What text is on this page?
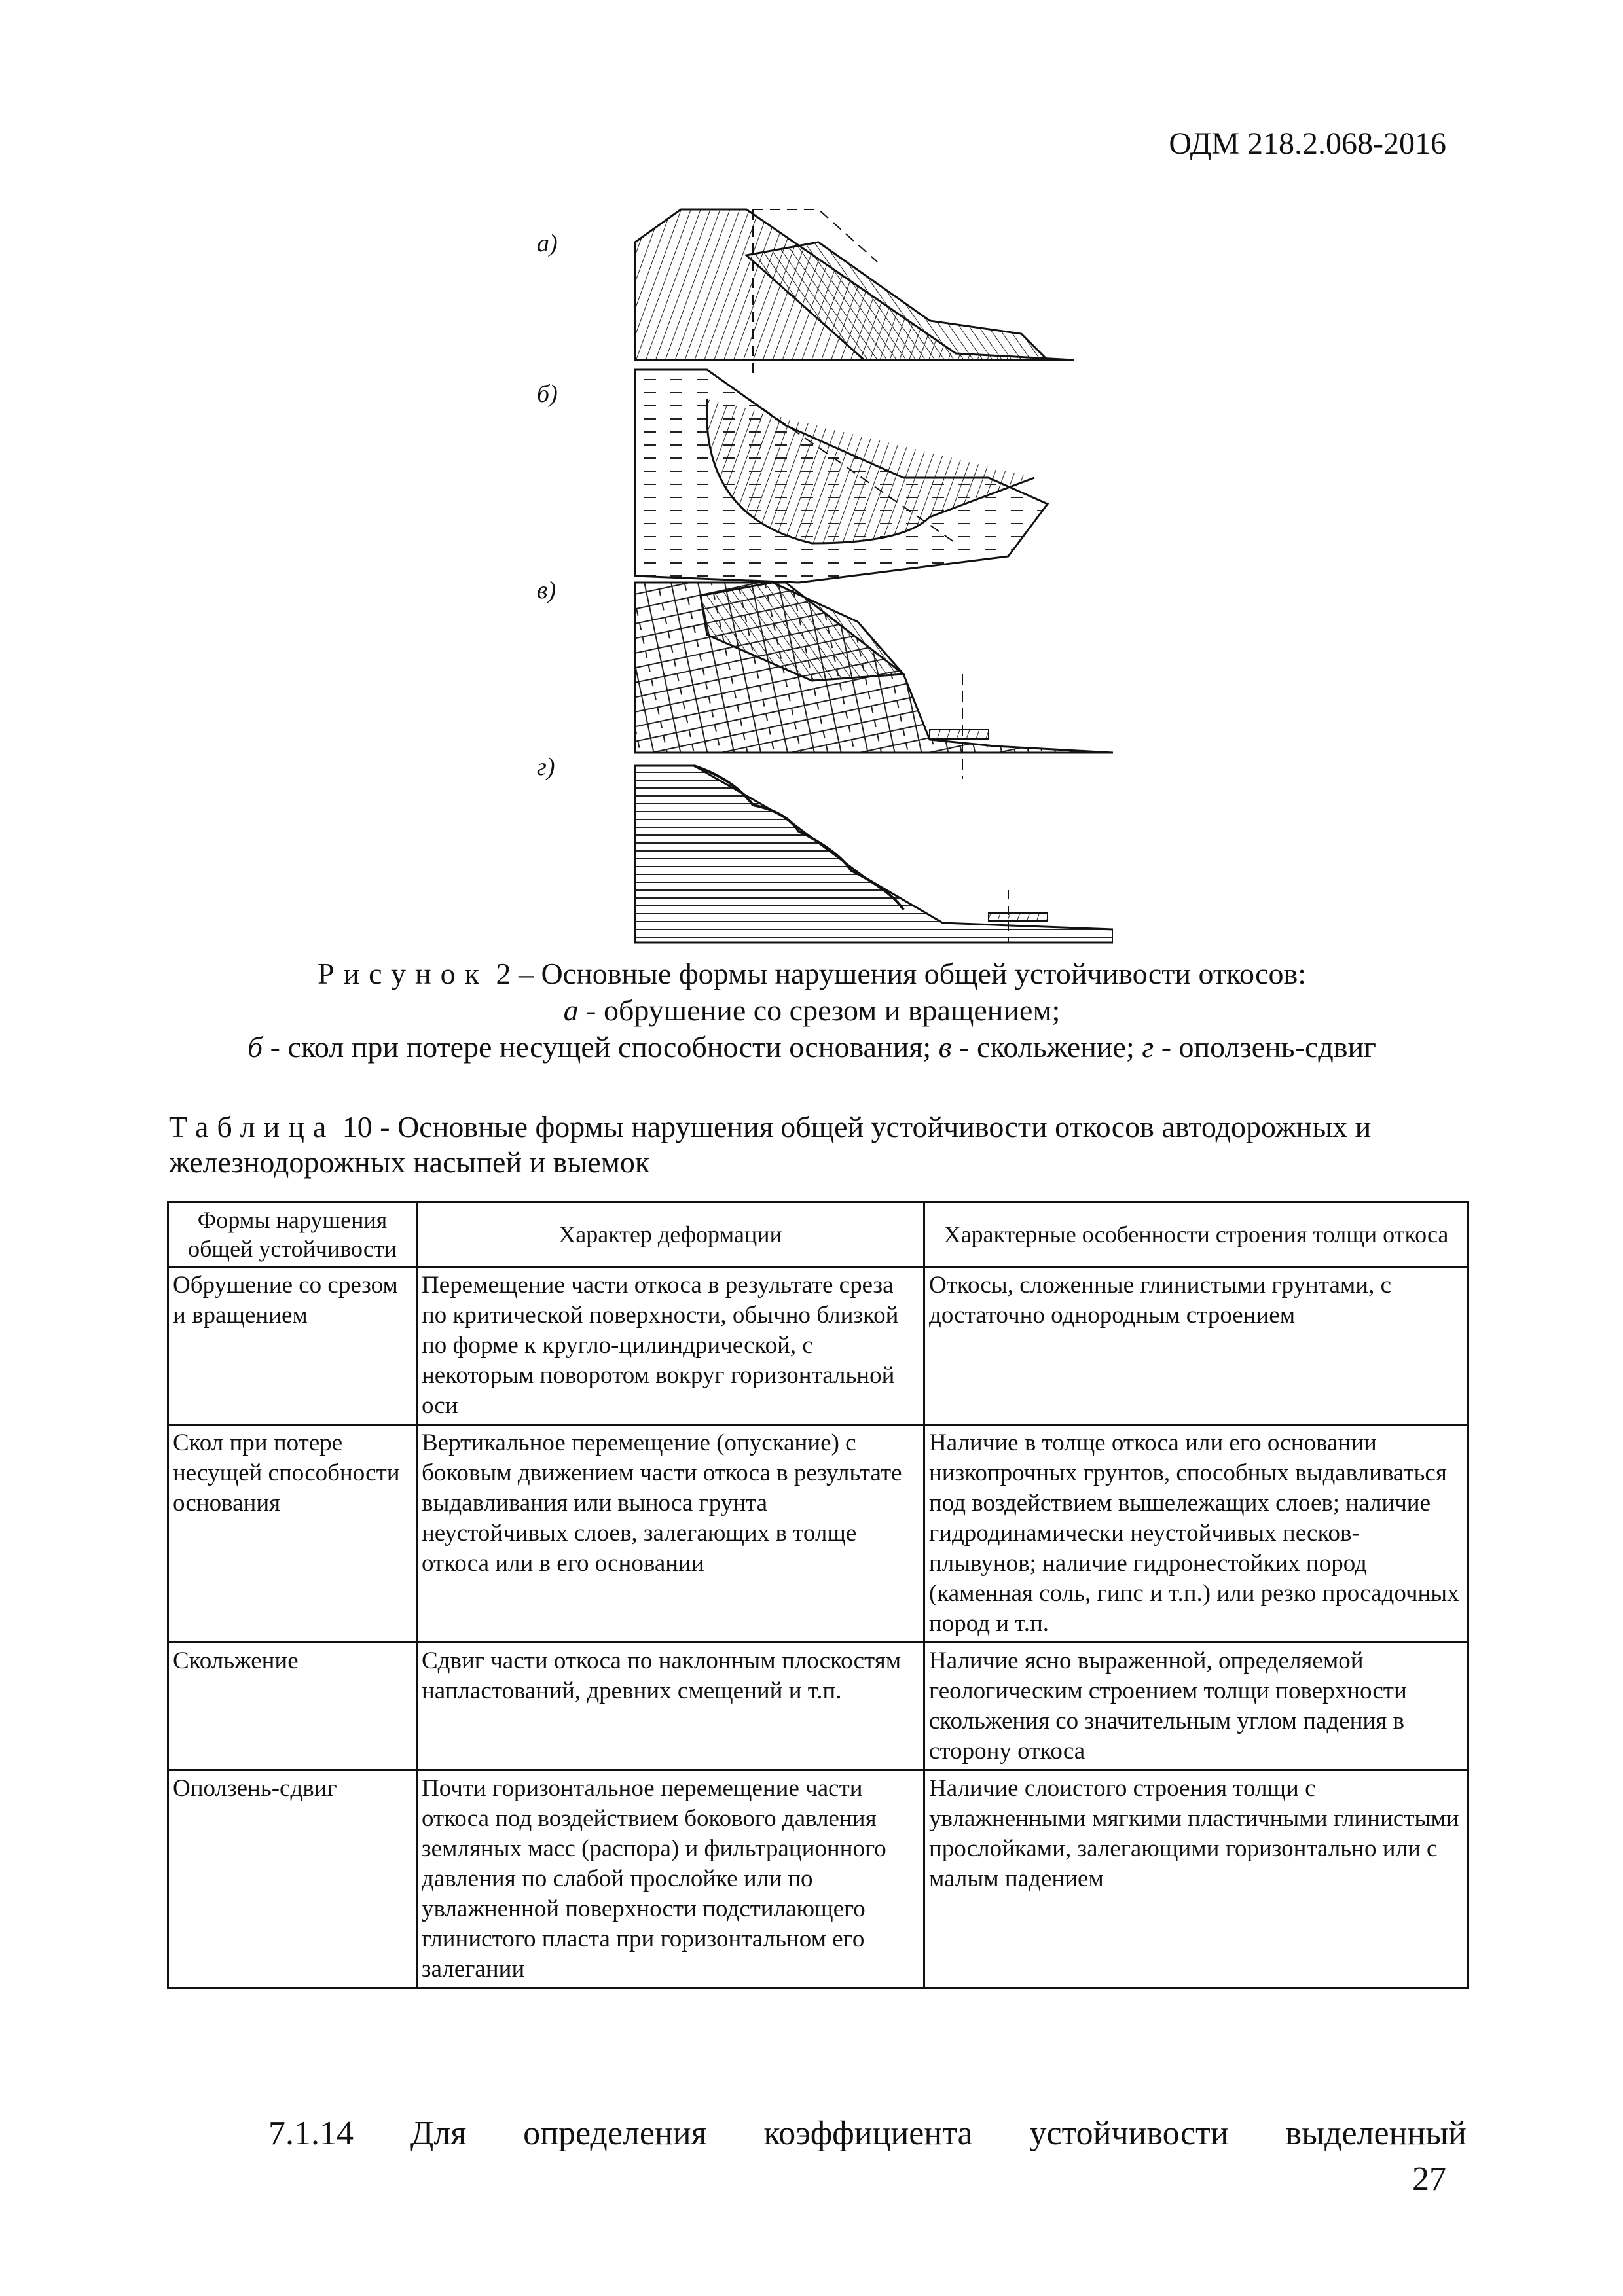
ОДМ 218.2.068-2016
а)
б)
в)
г)
Рисунок 2 – Основные формы нарушения общей устойчивости откосов:
а - обрушение со срезом и вращением;
б - скол при потере несущей способности основания; в - скольжение; г - оползень-сдвиг
Таблица 10 - Основные формы нарушения общей устойчивости откосов автодорожных и железнодорожных насыпей и выемок
Формы нарушения общей устойчивости	Характер деформации	Характерные особенности строения толщи откоса
Обрушение со срезом и вращением	Перемещение части откоса в результате среза по критической поверхности, обычно близкой по форме к кругло-цилиндрической, с некоторым поворотом вокруг горизонтальной оси	Откосы, сложенные глинистыми грунтами, с достаточно однородным строением
Скол при потере несущей способности основания	Вертикальное перемещение (опускание) с боковым движением части откоса в результате выдавливания или выноса грунта неустойчивых слоев, залегающих в толще откоса или в его основании	Наличие в толще откоса или его основании низкопрочных грунтов, способных выдавливаться под воздействием вышележащих слоев; наличие гидродинамически неустойчивых песков-плывунов; наличие гидронестойких пород (каменная соль, гипс и т.п.) или резко просадочных пород и т.п.
Скольжение	Сдвиг части откоса по наклонным плоскостям напластований, древних смещений и т.п.	Наличие ясно выраженной, определяемой геологическим строением толщи поверхности скольжения со значительным углом падения в сторону откоса
Оползень-сдвиг	Почти горизонтальное перемещение части откоса под воздействием бокового давления земляных масс (распора) и фильтрационного давления по слабой прослойке или по увлажненной поверхности подстилающего глинистого пласта при горизонтальном его залегании	Наличие слоистого строения толщи с увлажненными мягкими пластичными глинистыми прослойками, залегающими горизонтально или с малым падением
7.1.14 Для определения коэффициента устойчивости выделенный
27
